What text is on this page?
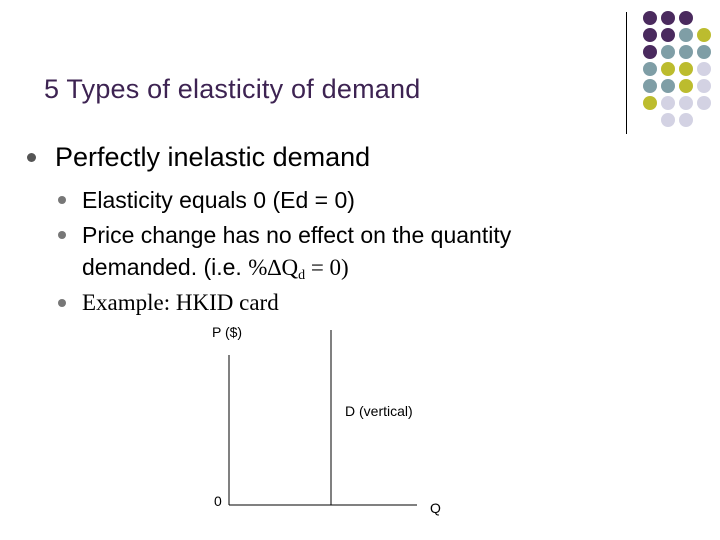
5 Types of elasticity of demand
Perfectly inelastic demand
Elasticity equals 0 (Ed = 0)
Price change has no effect on the quantity
demanded. (i.e. %∆Qd = 0)
Example: HKID card
P ($)
D (vertical)
0	Q
